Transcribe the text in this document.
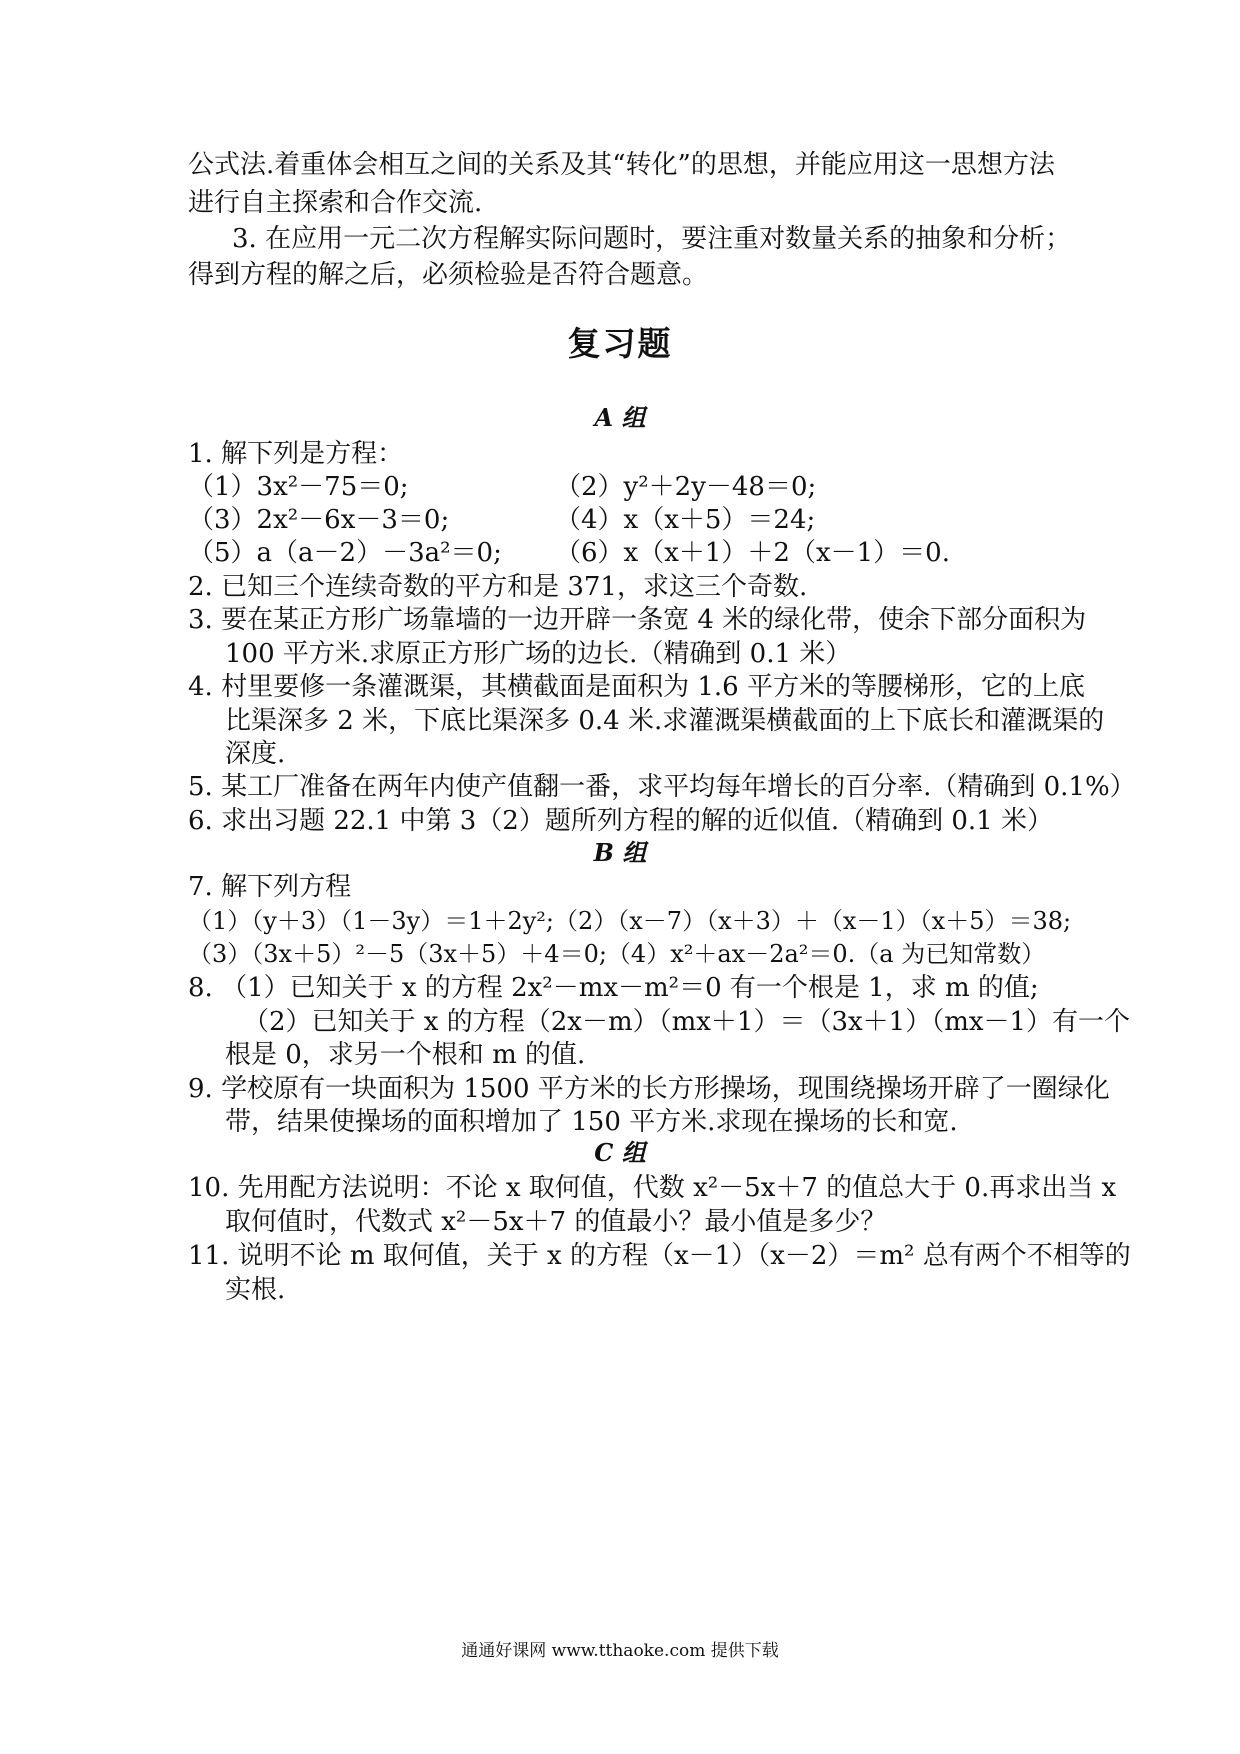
公式法.着重体会相互之间的关系及其“转化”的思想，并能应用这一思想方法
进行自主探索和合作交流.
3. 在应用一元二次方程解实际问题时，要注重对数量关系的抽象和分析；
得到方程的解之后，必须检验是否符合题意。
复习题
A 组
1. 解下列是方程：
（1）3x²－75＝0;	（2）y²＋2y－48＝0;
（3）2x²－6x－3＝0;	（4）x（x＋5）＝24;
（5）a（a－2）－3a²＝0; （6）x（x＋1）＋2（x－1）＝0.
2. 已知三个连续奇数的平方和是 371，求这三个奇数.
3. 要在某正方形广场靠墙的一边开辟一条宽 4 米的绿化带，使余下部分面积为
100 平方米.求原正方形广场的边长.（精确到 0.1 米）
4. 村里要修一条灌溉渠，其横截面是面积为 1.6 平方米的等腰梯形，它的上底
比渠深多 2 米，下底比渠深多 0.4 米.求灌溉渠横截面的上下底长和灌溉渠的
深度.
5. 某工厂准备在两年内使产值翻一番，求平均每年增长的百分率.（精确到 0.1%）
6. 求出习题 22.1 中第 3（2）题所列方程的解的近似值.（精确到 0.1 米）
B 组
7. 解下列方程
（1）（y＋3）（1－3y）＝1＋2y²;（2）（x－7）（x＋3）＋（x－1）（x＋5）＝38;
（3）（3x＋5）²－5（3x＋5）＋4＝0;（4）x²＋ax－2a²＝0.（a 为已知常数）
8. （1）已知关于 x 的方程 2x²－mx－m²＝0 有一个根是 1，求 m 的值;
（2）已知关于 x 的方程（2x－m）（mx＋1）＝（3x＋1）（mx－1）有一个
根是 0，求另一个根和 m 的值.
9. 学校原有一块面积为 1500 平方米的长方形操场，现围绕操场开辟了一圈绿化
带，结果使操场的面积增加了 150 平方米.求现在操场的长和宽.
C 组
10. 先用配方法说明：不论 x 取何值，代数 x²－5x＋7 的值总大于 0.再求出当 x
取何值时，代数式 x²－5x＋7 的值最小？最小值是多少？
11. 说明不论 m 取何值，关于 x 的方程（x－1）（x－2）＝m² 总有两个不相等的
实根.
通通好课网 www.tthaoke.com 提供下载
